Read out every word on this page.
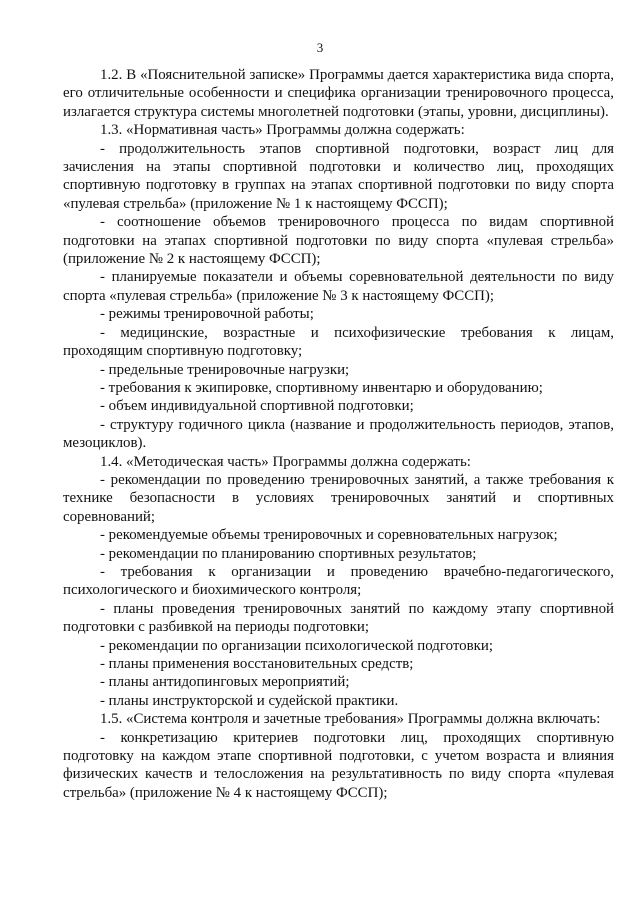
3

1.2. В «Пояснительной записке» Программы дается характеристика вида спорта, его отличительные особенности и специфика организации тренировочного процесса, излагается структура системы многолетней подготовки (этапы, уровни, дисциплины).

1.3. «Нормативная часть» Программы должна содержать:

- продолжительность этапов спортивной подготовки, возраст лиц для зачисления на этапы спортивной подготовки и количество лиц, проходящих спортивную подготовку в группах на этапах спортивной подготовки по виду спорта «пулевая стрельба» (приложение № 1 к настоящему ФССП);

- соотношение объемов тренировочного процесса по видам спортивной подготовки на этапах спортивной подготовки по виду спорта «пулевая стрельба» (приложение № 2 к настоящему ФССП);

- планируемые показатели и объемы соревновательной деятельности по виду спорта «пулевая стрельба» (приложение № 3 к настоящему ФССП);

- режимы тренировочной работы;

- медицинские, возрастные и психофизические требования к лицам, проходящим спортивную подготовку;

- предельные тренировочные нагрузки;

- требования к экипировке, спортивному инвентарю и оборудованию;

- объем индивидуальной спортивной подготовки;

- структуру годичного цикла (название и продолжительность периодов, этапов, мезоциклов).

1.4. «Методическая часть» Программы должна содержать:

- рекомендации по проведению тренировочных занятий, а также требования к технике безопасности в условиях тренировочных занятий и спортивных соревнований;

- рекомендуемые объемы тренировочных и соревновательных нагрузок;

- рекомендации по планированию спортивных результатов;

- требования к организации и проведению врачебно-педагогического, психологического и биохимического контроля;

- планы проведения тренировочных занятий по каждому этапу спортивной подготовки с разбивкой на периоды подготовки;

- рекомендации по организации психологической подготовки;

- планы применения восстановительных средств;

- планы антидопинговых мероприятий;

- планы инструкторской и судейской практики.

1.5. «Система контроля и зачетные требования» Программы должна включать:

- конкретизацию критериев подготовки лиц, проходящих спортивную подготовку на каждом этапе спортивной подготовки, с учетом возраста и влияния физических качеств и телосложения на результативность по виду спорта «пулевая стрельба» (приложение № 4 к настоящему ФССП);
